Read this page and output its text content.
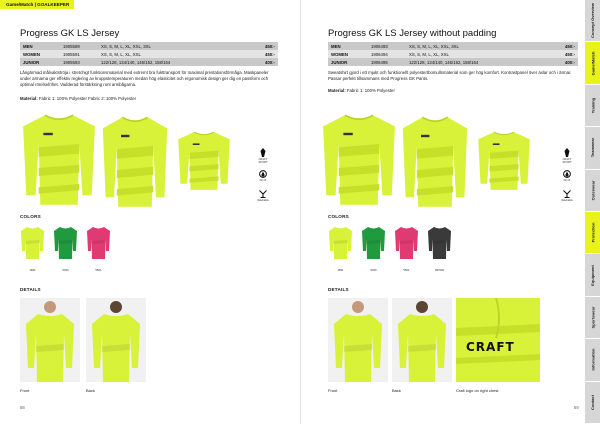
Game/Match | GOALKEEPER
Progress GK LS Jersey
MEN	1905589	XS, S, M, L, XL, XXL, 3XL	450:-
WOMEN	1905591	XS, S, M, L, XL, XXL	450:-
JUNIOR	1905593	122/128, 134/140, 146/152, 158/164	400:-
Långärmad målvaktströja i stretchigt funktionsmaterial med extremt bra fukttransport för maximal prestationsförmåga. Maskpaneler under armarna ger effektiv reglering av kroppstemperaturen medan hög elasticitet och ergonomisk design ger dig en passform och optimal rörelsefrihet. Vadderad förstärkning runt armbågarna.
Material: Fabric 1: 100% Polyester Fabric 2: 100% Polyester
CRAFT SPORT
Dry fit
Washable
COLORS
DETAILS
Front	Back
68
1851	5030	5501
Progress GK LS Jersey without padding
MEN	1906493	XS, S, M, L, XL, XXL, 3XL	450:-
WOMEN	1906494	XS, S, M, L, XL, XXL	450:-
JUNIOR	1906495	122/128, 134/140, 146/152, 158/164	400:-
Sweatshirt gjord i ett mjukt och funktionellt polyestertbomullsmaterial som ger hög komfort. Kontrastpanel över axlar och i ärmar. Passar perfekt tillsammans med Progress GK Pants.
Material: Fabric 1: 100% Polyester
CRAFT SPORT
Dry fit
Washable
COLORS
DETAILS
Front	Back
CRAFT
Craft logo on right chest
69
1851	5030	5501	997000
Concept Overview
Game/Match
Training
Teamwear
Outerwear
Protection
Equipment
Sportswear
Information
Contact
